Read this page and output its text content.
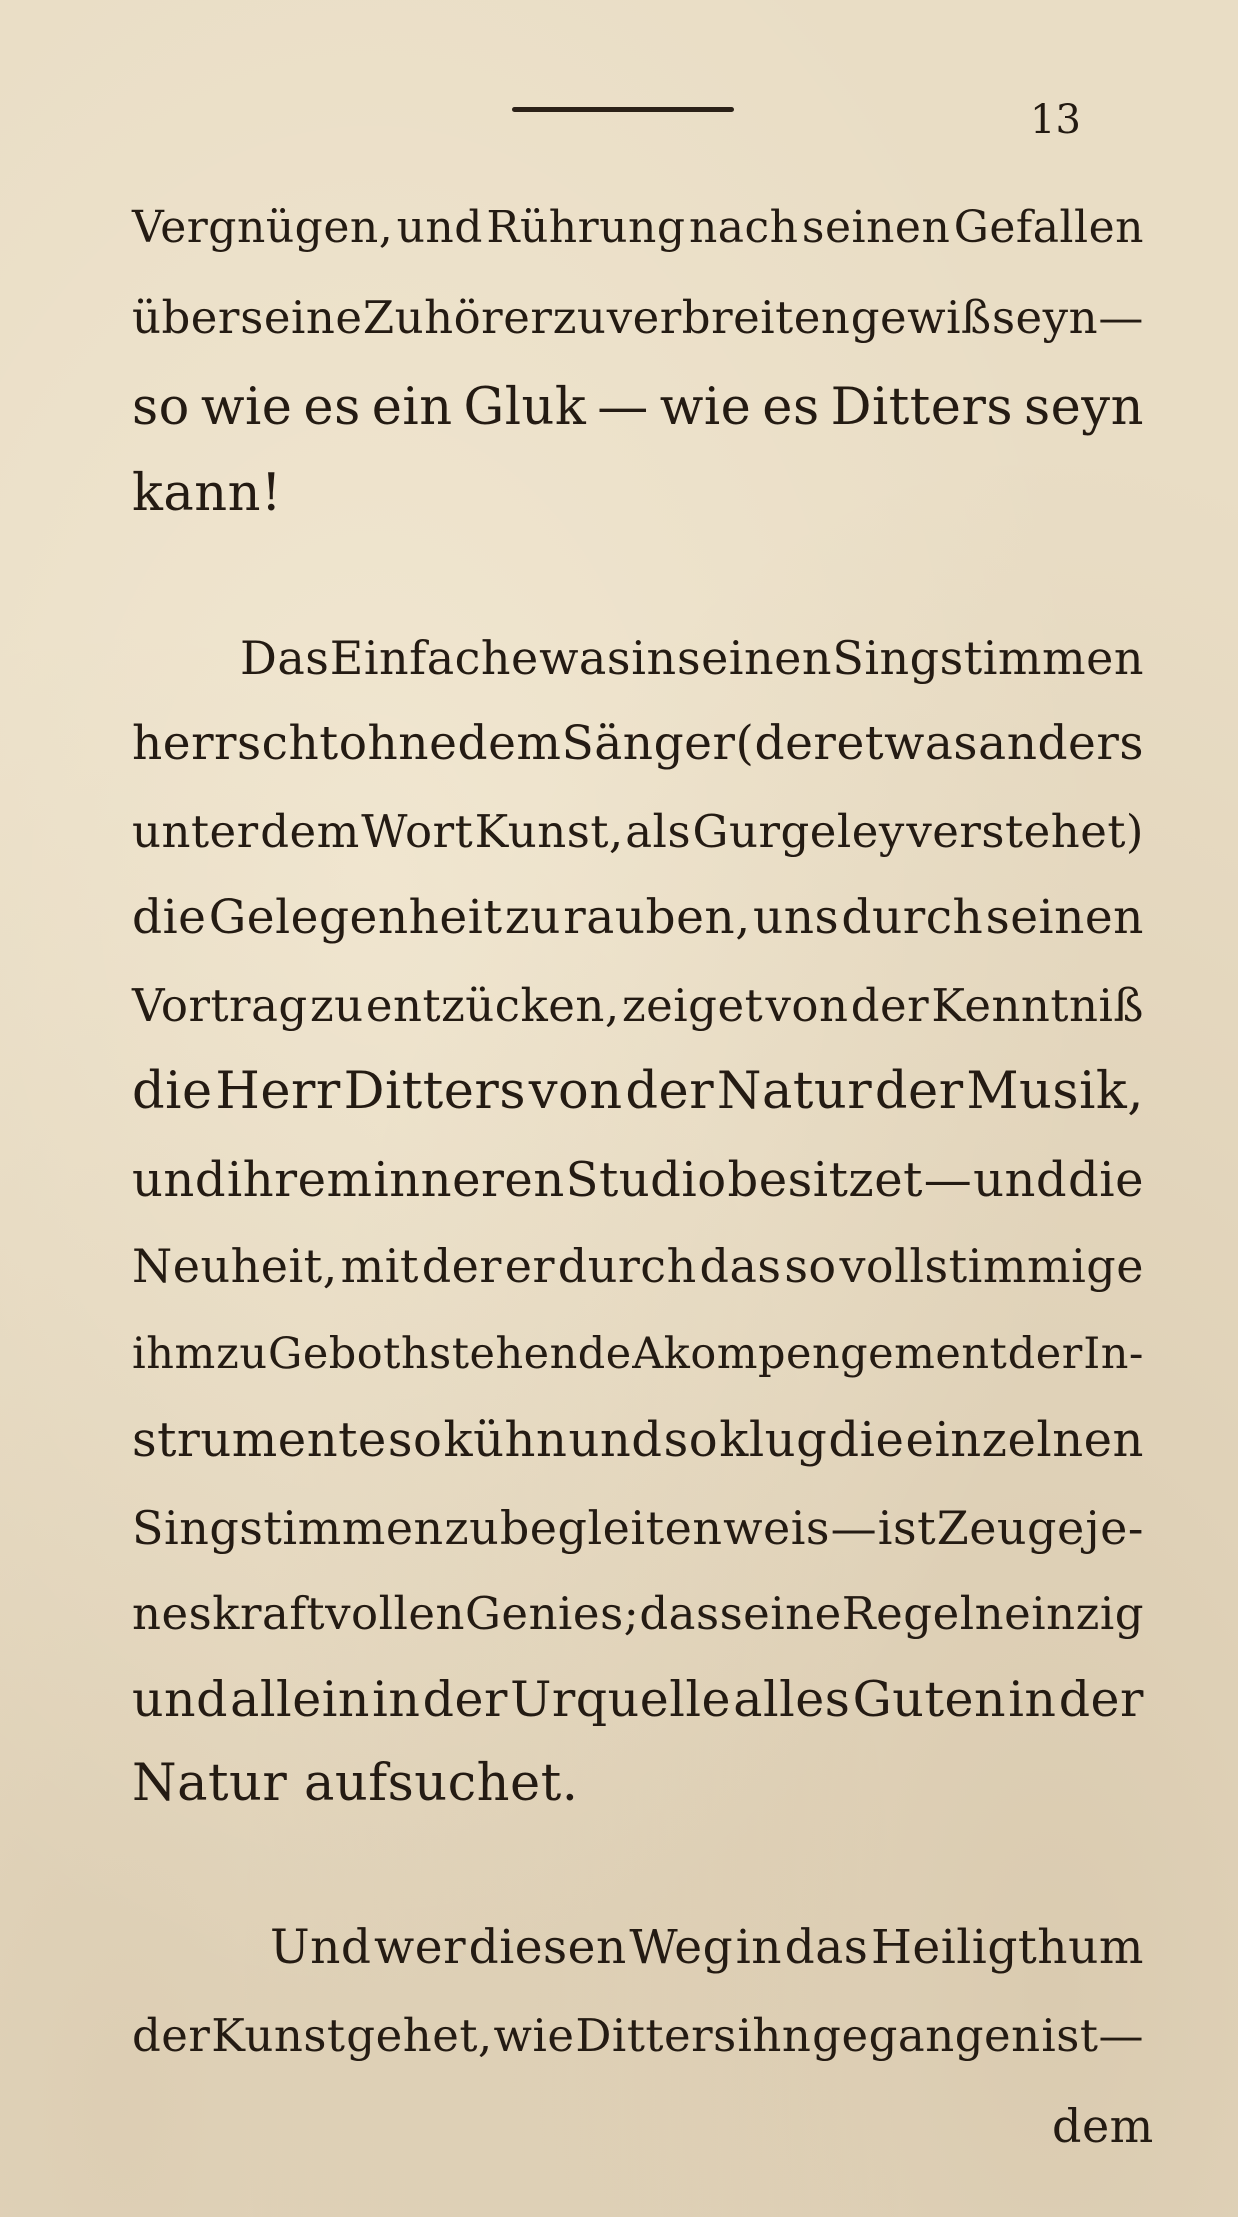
13
Vergnügen, und Rührung nach seinen Gefallen
über seine Zuhörer zu verbreiten gewiß seyn —
so wie es ein Gluk — wie es Ditters seyn
kann!
Das Einfache was in seinen Singstimmen
herrscht ohne dem Sänger ( der etwas anders
unter dem Wort Kunst, als Gurgeley verstehet)
die Gelegenheit zu rauben, uns durch seinen
Vortrag zu entzücken, zeiget von der Kenntniß
die Herr Ditters von der Natur der Musik,
und ihrem inneren Studio besitzet — und die
Neuheit, mit der er durch das so vollstimmige
ihm zu Gebothstehende Akompengement der In-
strumente so kühn und so klug die einzelnen
Singstimmen zu begleiten weis — ist Zeuge je-
nes kraftvollen Genies; das seine Regeln einzig
und allein in der Urquelle alles Guten in der
Natur aufsuchet.
Und wer diesen Weg in das Heiligthum
der Kunst gehet, wie Ditters ihn gegangen ist—
dem
